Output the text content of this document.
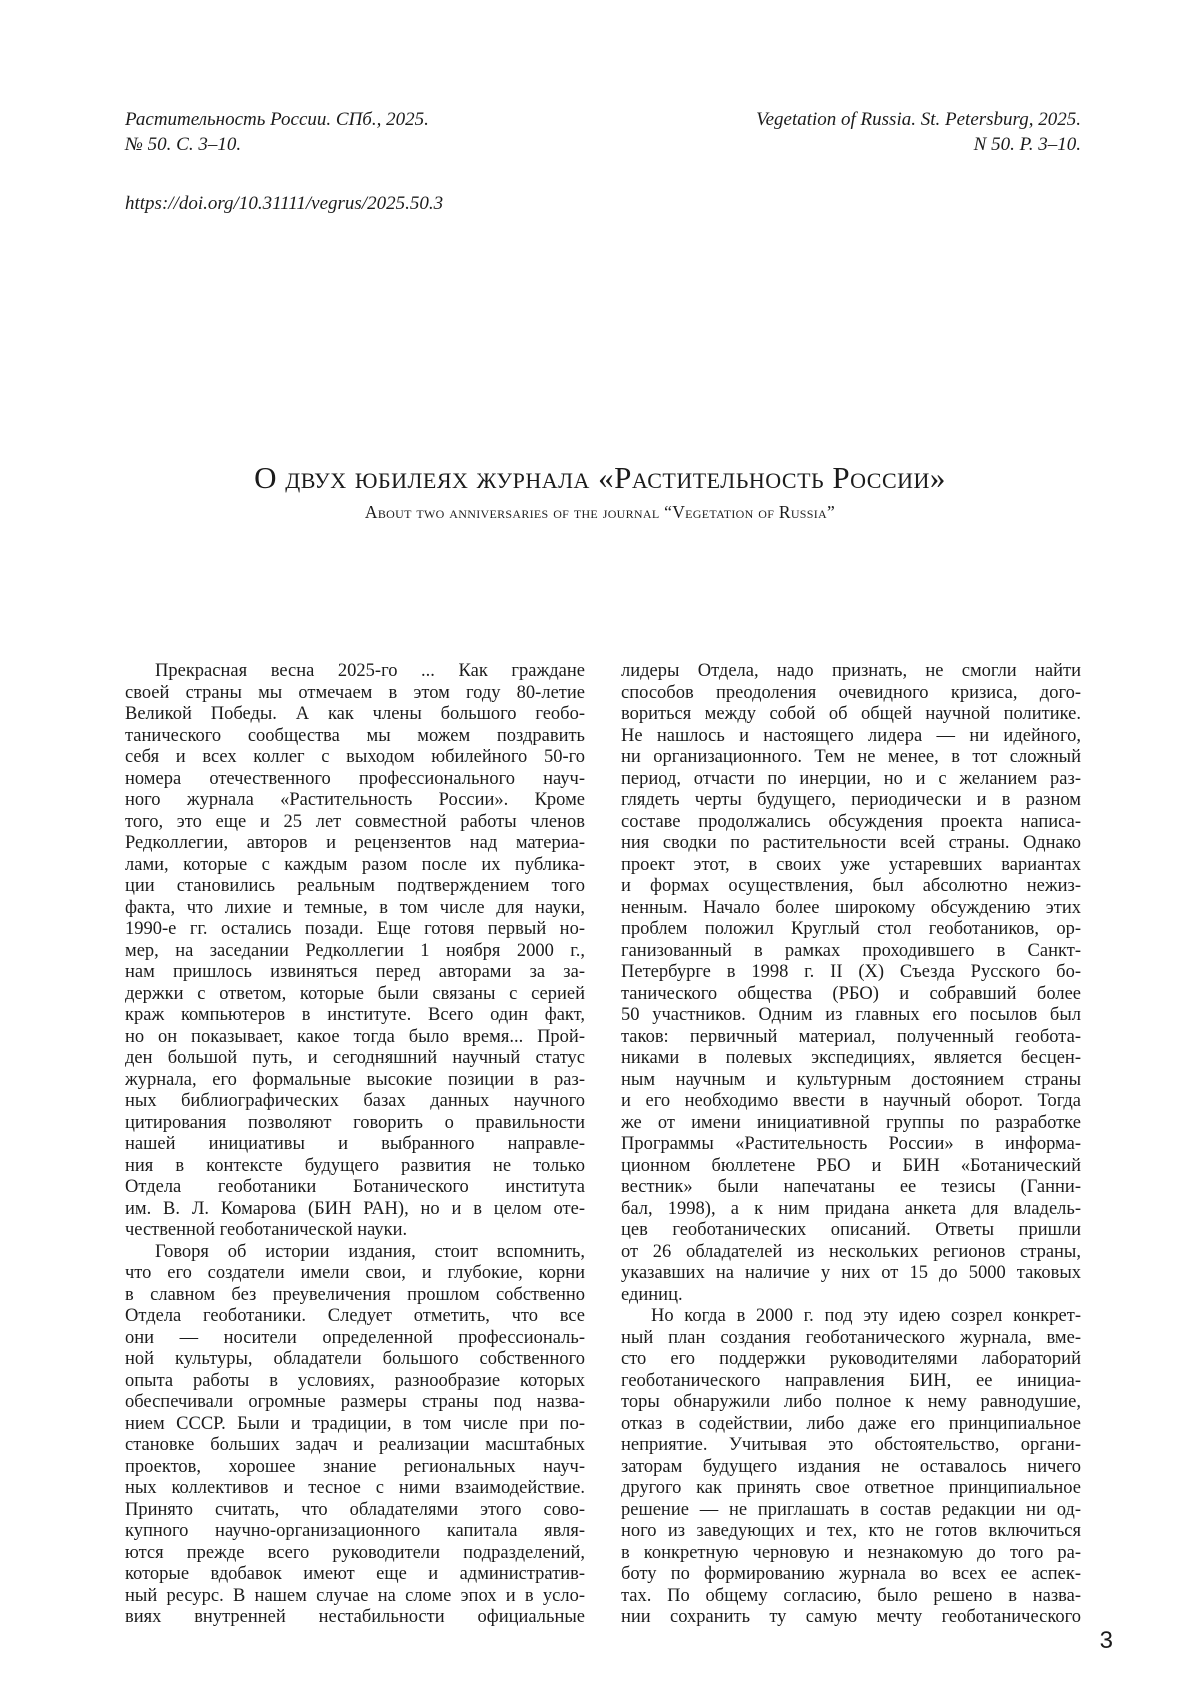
Растительность России. СПб., 2025.
№ 50. С. 3–10.
Vegetation of Russia. St. Petersburg, 2025.
N 50. P. 3–10.
https://doi.org/10.31111/vegrus/2025.50.3
О двух юбилеях журнала «Растительность России»
About two anniversaries of the journal “Vegetation of Russia”
Прекрасная весна 2025-го ... Как граждане
своей страны мы отмечаем в этом году 80-летие
Великой Победы. А как члены большого геобо-
танического сообщества мы можем поздравить
себя и всех коллег с выходом юбилейного 50-го
номера отечественного профессионального науч-
ного журнала «Растительность России». Кроме
того, это еще и 25 лет совместной работы членов
Редколлегии, авторов и рецензентов над материа-
лами, которые с каждым разом после их публика-
ции становились реальным подтверждением того
факта, что лихие и темные, в том числе для науки,
1990-е гг. остались позади. Еще готовя первый но-
мер, на заседании Редколлегии 1 ноября 2000 г.,
нам пришлось извиняться перед авторами за за-
держки с ответом, которые были связаны с серией
краж компьютеров в институте. Всего один факт,
но он показывает, какое тогда было время... Прой-
ден большой путь, и сегодняшний научный статус
журнала, его формальные высокие позиции в раз-
ных библиографических базах данных научного
цитирования позволяют говорить о правильности
нашей инициативы и выбранного направле-
ния в контексте будущего развития не только
Отдела геоботаники Ботанического института
им. В. Л. Комарова (БИН РАН), но и в целом оте-
чественной геоботанической науки.
Говоря об истории издания, стоит вспомнить,
что его создатели имели свои, и глубокие, корни
в славном без преувеличения прошлом собственно
Отдела геоботаники. Следует отметить, что все
они — носители определенной профессиональ-
ной культуры, обладатели большого собственного
опыта работы в условиях, разнообразие которых
обеспечивали огромные размеры страны под назва-
нием СССР. Были и традиции, в том числе при по-
становке больших задач и реализации масштабных
проектов, хорошее знание региональных науч-
ных коллективов и тесное с ними взаимодействие.
Принято считать, что обладателями этого сово-
купного научно-организационного капитала явля-
ются прежде всего руководители подразделений,
которые вдобавок имеют еще и административ-
ный ресурс. В нашем случае на сломе эпох и в усло-
виях внутренней нестабильности официальные
лидеры Отдела, надо признать, не смогли найти
способов преодоления очевидного кризиса, дого-
вориться между собой об общей научной политике.
Не нашлось и настоящего лидера — ни идейного,
ни организационного. Тем не менее, в тот сложный
период, отчасти по инерции, но и с желанием раз-
глядеть черты будущего, периодически и в разном
составе продолжались обсуждения проекта написа-
ния сводки по растительности всей страны. Однако
проект этот, в своих уже устаревших вариантах
и формах осуществления, был абсолютно нежиз-
ненным. Начало более широкому обсуждению этих
проблем положил Круглый стол геоботаников, ор-
ганизованный в рамках проходившего в Санкт-
Петербурге в 1998 г. II (X) Съезда Русского бо-
танического общества (РБО) и собравший более
50 участников. Одним из главных его посылов был
таков: первичный материал, полученный геобота-
никами в полевых экспедициях, является бесцен-
ным научным и культурным достоянием страны
и его необходимо ввести в научный оборот. Тогда
же от имени инициативной группы по разработке
Программы «Растительность России» в информа-
ционном бюллетене РБО и БИН «Ботанический
вестник» были напечатаны ее тезисы (Ганни-
бал, 1998), а к ним придана анкета для владель-
цев геоботанических описаний. Ответы пришли
от 26 обладателей из нескольких регионов страны,
указавших на наличие у них от 15 до 5000 таковых
единиц.
Но когда в 2000 г. под эту идею созрел конкрет-
ный план создания геоботанического журнала, вме-
сто его поддержки руководителями лабораторий
геоботанического направления БИН, ее инициа-
торы обнаружили либо полное к нему равнодушие,
отказ в содействии, либо даже его принципиальное
неприятие. Учитывая это обстоятельство, органи-
заторам будущего издания не оставалось ничего
другого как принять свое ответное принципиальное
решение — не приглашать в состав редакции ни од-
ного из заведующих и тех, кто не готов включиться
в конкретную черновую и незнакомую до того ра-
боту по формированию журнала во всех ее аспек-
тах. По общему согласию, было решено в назва-
нии сохранить ту самую мечту геоботанического
3
